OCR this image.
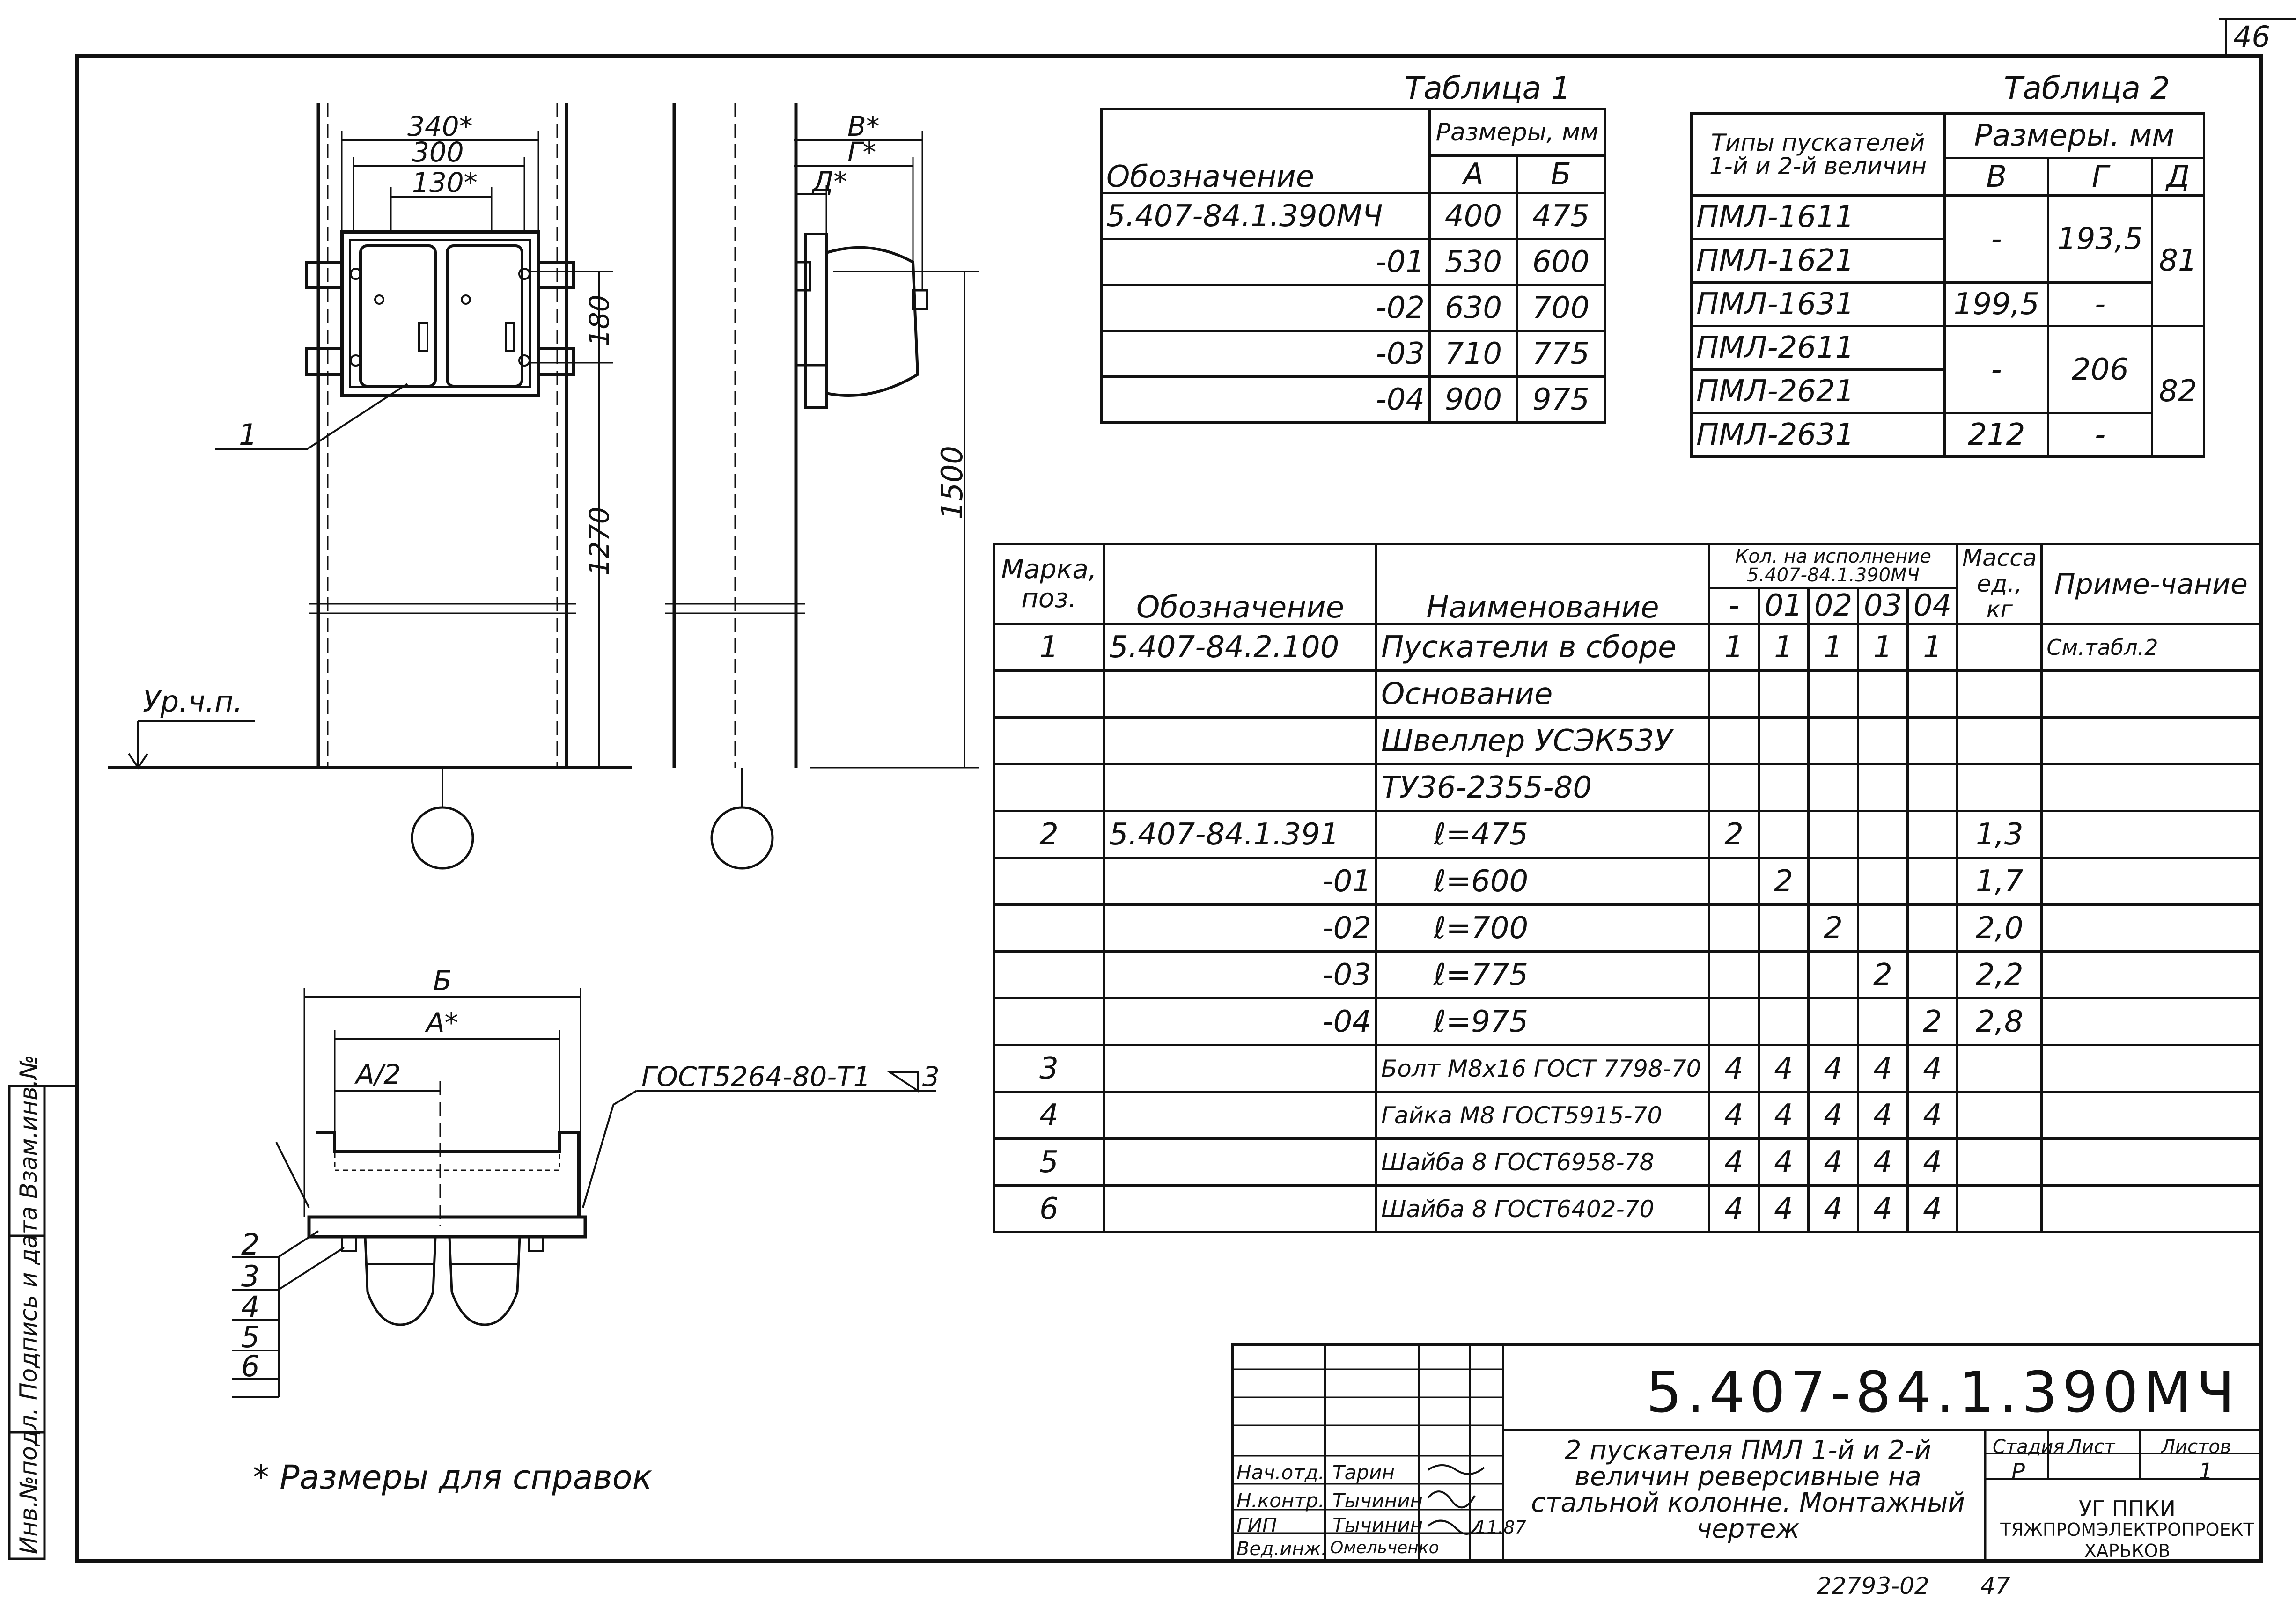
46
Инв.№подл. Подпись и дата Взам.инв.№
340*
300
130*
180
1270
Ур.ч.п.
1
В*
Г*
Д*
1500
Б
А*
А/2	ГОСТ5264-80-Т1 3
2
3
4
5
6
* Размеры для справок
22793-02 47
Таблица 1
Обозначение	Размеры, мм	
	А	Б
5.407-84.1.390МЧ	400	475
-01	530	600
-02	630	700
-03	710	775
-04	900	975
Таблица 2
Типы пускателей 1-й и 2-й величин	Размеры. мм		
	В	Г	Д
ПМЛ-1611	-	193,5	81
ПМЛ-1621			
ПМЛ-1631	199,5	-	
ПМЛ-2611	-	206	82
ПМЛ-2621			
ПМЛ-2631	212	-	
Марка, поз.	Обозначение	Наименование	Кол. на исполнение 5.407-84.1.390МЧ					Масса ед., кг	Приме-чание
			-	01	02	03	04		
1	5.407-84.2.100	Пускатели в сборе	1	1	1	1	1		См.табл.2
		Основание							
		Швеллер УСЭК53У							
		ТУ36-2355-80							
2	5.407-84.1.391	ℓ=475	2					1,3	
	-01	ℓ=600		2				1,7	
	-02	ℓ=700			2			2,0	
	-03	ℓ=775				2		2,2	
	-04	ℓ=975					2	2,8	
3		Болт М8х16 ГОСТ 7798-70	4	4	4	4	4		
4		Гайка М8 ГОСТ5915-70	4	4	4	4	4		
5		Шайба 8 ГОСТ6958-78	4	4	4	4	4		
6		Шайба 8 ГОСТ6402-70	4	4	4	4	4		
5.407-84.1.390МЧ
2 пускателя ПМЛ 1-й и 2-й величин реверсивные на стальной колонне. Монтажный чертеж
Стадия Лист Листов
Р	1
УГ ППКИ
ТЯЖПРОМЭЛЕКТРОПРОЕКТ
ХАРЬКОВ
11.87
Нач.отд. Тарин
Н.контр. Тычинин
ГИП	Тычинин
Вед.инж. Омельченко
